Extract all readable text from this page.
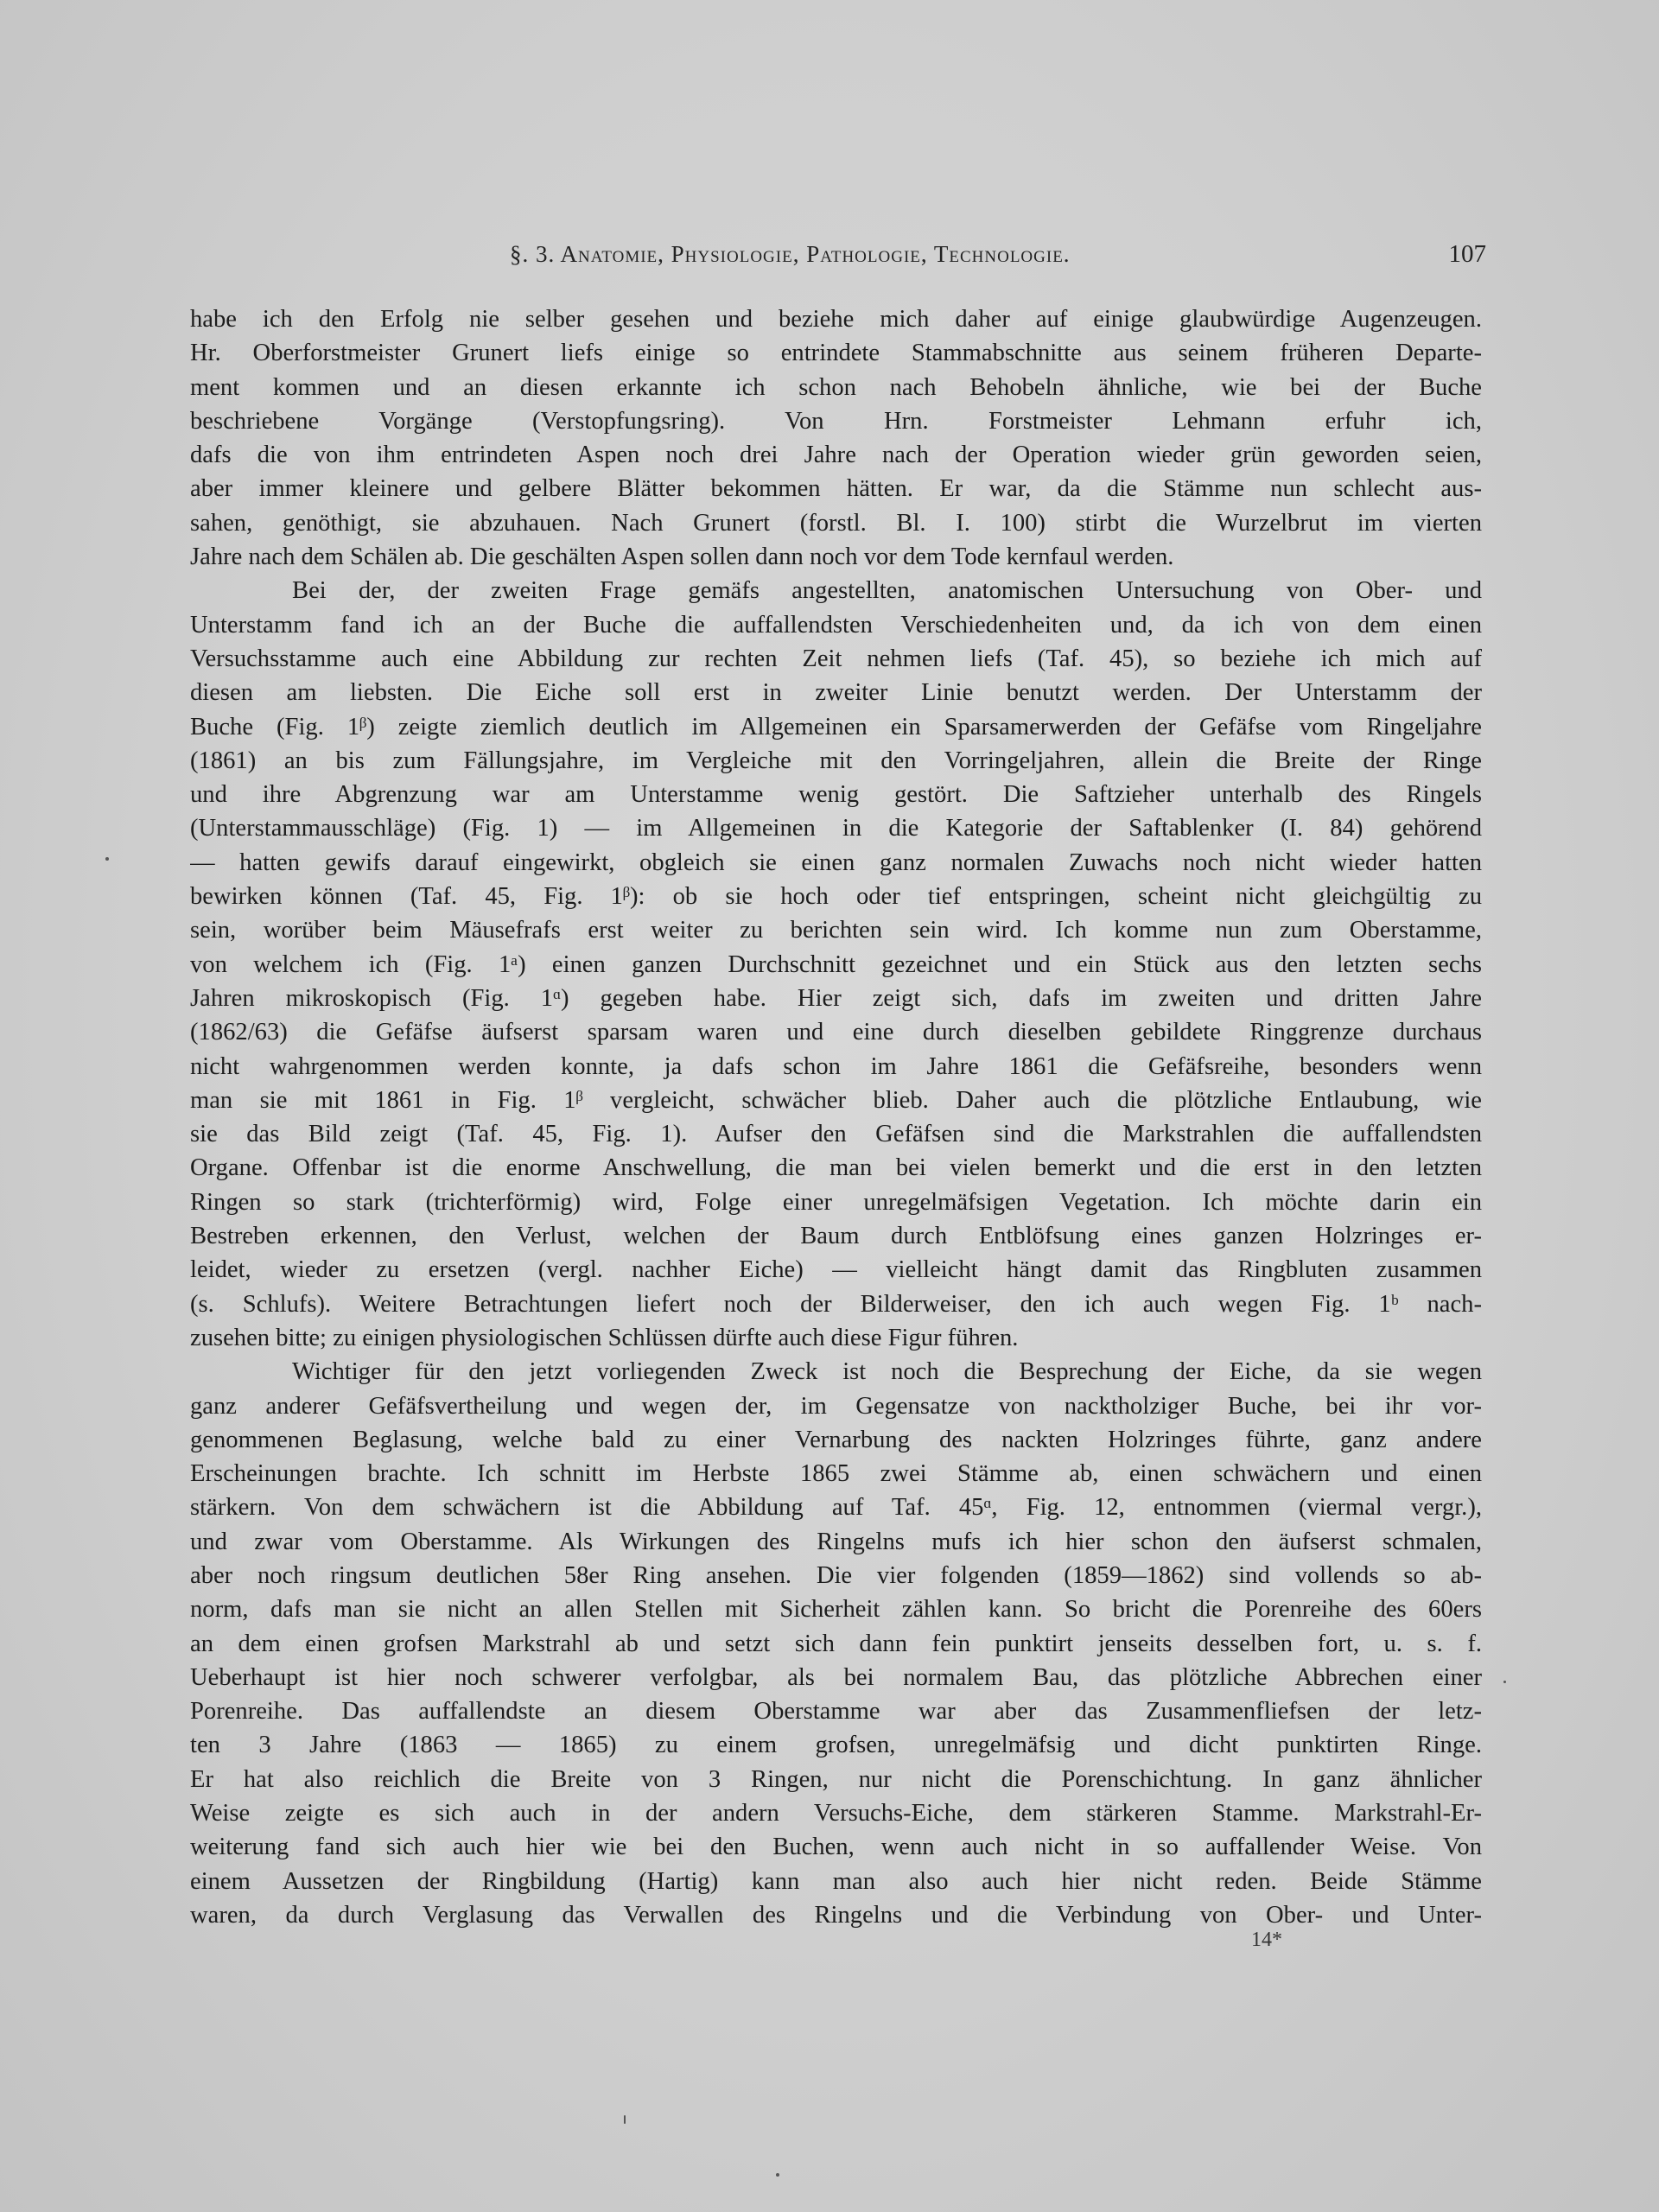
§. 3. Anatomie, Physiologie, Pathologie, Technologie.	107
habe ich den Erfolg nie selber gesehen und beziehe mich daher auf einige glaubwürdige Augenzeugen.
Hr. Oberforstmeister Grunert liefs einige so entrindete Stammabschnitte aus seinem früheren Departe-
ment kommen und an diesen erkannte ich schon nach Behobeln ähnliche, wie bei der Buche
beschriebene Vorgänge (Verstopfungsring). Von Hrn. Forstmeister Lehmann erfuhr ich,
dafs die von ihm entrindeten Aspen noch drei Jahre nach der Operation wieder grün geworden seien,
aber immer kleinere und gelbere Blätter bekommen hätten. Er war, da die Stämme nun schlecht aus-
sahen, genöthigt, sie abzuhauen. Nach Grunert (forstl. Bl. I. 100) stirbt die Wurzelbrut im vierten
Jahre nach dem Schälen ab. Die geschälten Aspen sollen dann noch vor dem Tode kernfaul werden.
Bei der, der zweiten Frage gemäfs angestellten, anatomischen Untersuchung von Ober- und
Unterstamm fand ich an der Buche die auffallendsten Verschiedenheiten und, da ich von dem einen
Versuchsstamme auch eine Abbildung zur rechten Zeit nehmen liefs (Taf. 45), so beziehe ich mich auf
diesen am liebsten. Die Eiche soll erst in zweiter Linie benutzt werden. Der Unterstamm der
Buche (Fig. 1ᵝ) zeigte ziemlich deutlich im Allgemeinen ein Sparsamerwerden der Gefäfse vom Ringeljahre
(1861) an bis zum Fällungsjahre, im Vergleiche mit den Vorringeljahren, allein die Breite der Ringe
und ihre Abgrenzung war am Unterstamme wenig gestört. Die Saftzieher unterhalb des Ringels
(Unterstammausschläge) (Fig. 1) — im Allgemeinen in die Kategorie der Saftablenker (I. 84) gehörend
— hatten gewifs darauf eingewirkt, obgleich sie einen ganz normalen Zuwachs noch nicht wieder hatten
bewirken können (Taf. 45, Fig. 1ᵝ): ob sie hoch oder tief entspringen, scheint nicht gleichgültig zu
sein, worüber beim Mäusefrafs erst weiter zu berichten sein wird. Ich komme nun zum Oberstamme,
von welchem ich (Fig. 1ᵃ) einen ganzen Durchschnitt gezeichnet und ein Stück aus den letzten sechs
Jahren mikroskopisch (Fig. 1ᵅ) gegeben habe. Hier zeigt sich, dafs im zweiten und dritten Jahre
(1862/63) die Gefäfse äufserst sparsam waren und eine durch dieselben gebildete Ringgrenze durchaus
nicht wahrgenommen werden konnte, ja dafs schon im Jahre 1861 die Gefäfsreihe, besonders wenn
man sie mit 1861 in Fig. 1ᵝ vergleicht, schwächer blieb. Daher auch die plötzliche Entlaubung, wie
sie das Bild zeigt (Taf. 45, Fig. 1). Aufser den Gefäfsen sind die Markstrahlen die auffallendsten
Organe. Offenbar ist die enorme Anschwellung, die man bei vielen bemerkt und die erst in den letzten
Ringen so stark (trichterförmig) wird, Folge einer unregelmäfsigen Vegetation. Ich möchte darin ein
Bestreben erkennen, den Verlust, welchen der Baum durch Entblöfsung eines ganzen Holzringes er-
leidet, wieder zu ersetzen (vergl. nachher Eiche) — vielleicht hängt damit das Ringbluten zusammen
(s. Schlufs). Weitere Betrachtungen liefert noch der Bilderweiser, den ich auch wegen Fig. 1ᵇ nach-
zusehen bitte; zu einigen physiologischen Schlüssen dürfte auch diese Figur führen.
Wichtiger für den jetzt vorliegenden Zweck ist noch die Besprechung der Eiche, da sie wegen
ganz anderer Gefäfsvertheilung und wegen der, im Gegensatze von nacktholziger Buche, bei ihr vor-
genommenen Beglasung, welche bald zu einer Vernarbung des nackten Holzringes führte, ganz andere
Erscheinungen brachte. Ich schnitt im Herbste 1865 zwei Stämme ab, einen schwächern und einen
stärkern. Von dem schwächern ist die Abbildung auf Taf. 45ᵅ, Fig. 12, entnommen (viermal vergr.),
und zwar vom Oberstamme. Als Wirkungen des Ringelns mufs ich hier schon den äufserst schmalen,
aber noch ringsum deutlichen 58er Ring ansehen. Die vier folgenden (1859—1862) sind vollends so ab-
norm, dafs man sie nicht an allen Stellen mit Sicherheit zählen kann. So bricht die Porenreihe des 60ers
an dem einen grofsen Markstrahl ab und setzt sich dann fein punktirt jenseits desselben fort, u. s. f.
Ueberhaupt ist hier noch schwerer verfolgbar, als bei normalem Bau, das plötzliche Abbrechen einer
Porenreihe. Das auffallendste an diesem Oberstamme war aber das Zusammenfliefsen der letz-
ten 3 Jahre (1863 — 1865) zu einem grofsen, unregelmäfsig und dicht punktirten Ringe.
Er hat also reichlich die Breite von 3 Ringen, nur nicht die Porenschichtung. In ganz ähnlicher
Weise zeigte es sich auch in der andern Versuchs-Eiche, dem stärkeren Stamme. Markstrahl-Er-
weiterung fand sich auch hier wie bei den Buchen, wenn auch nicht in so auffallender Weise. Von
einem Aussetzen der Ringbildung (Hartig) kann man also auch hier nicht reden. Beide Stämme
waren, da durch Verglasung das Verwallen des Ringelns und die Verbindung von Ober- und Unter-
14*
